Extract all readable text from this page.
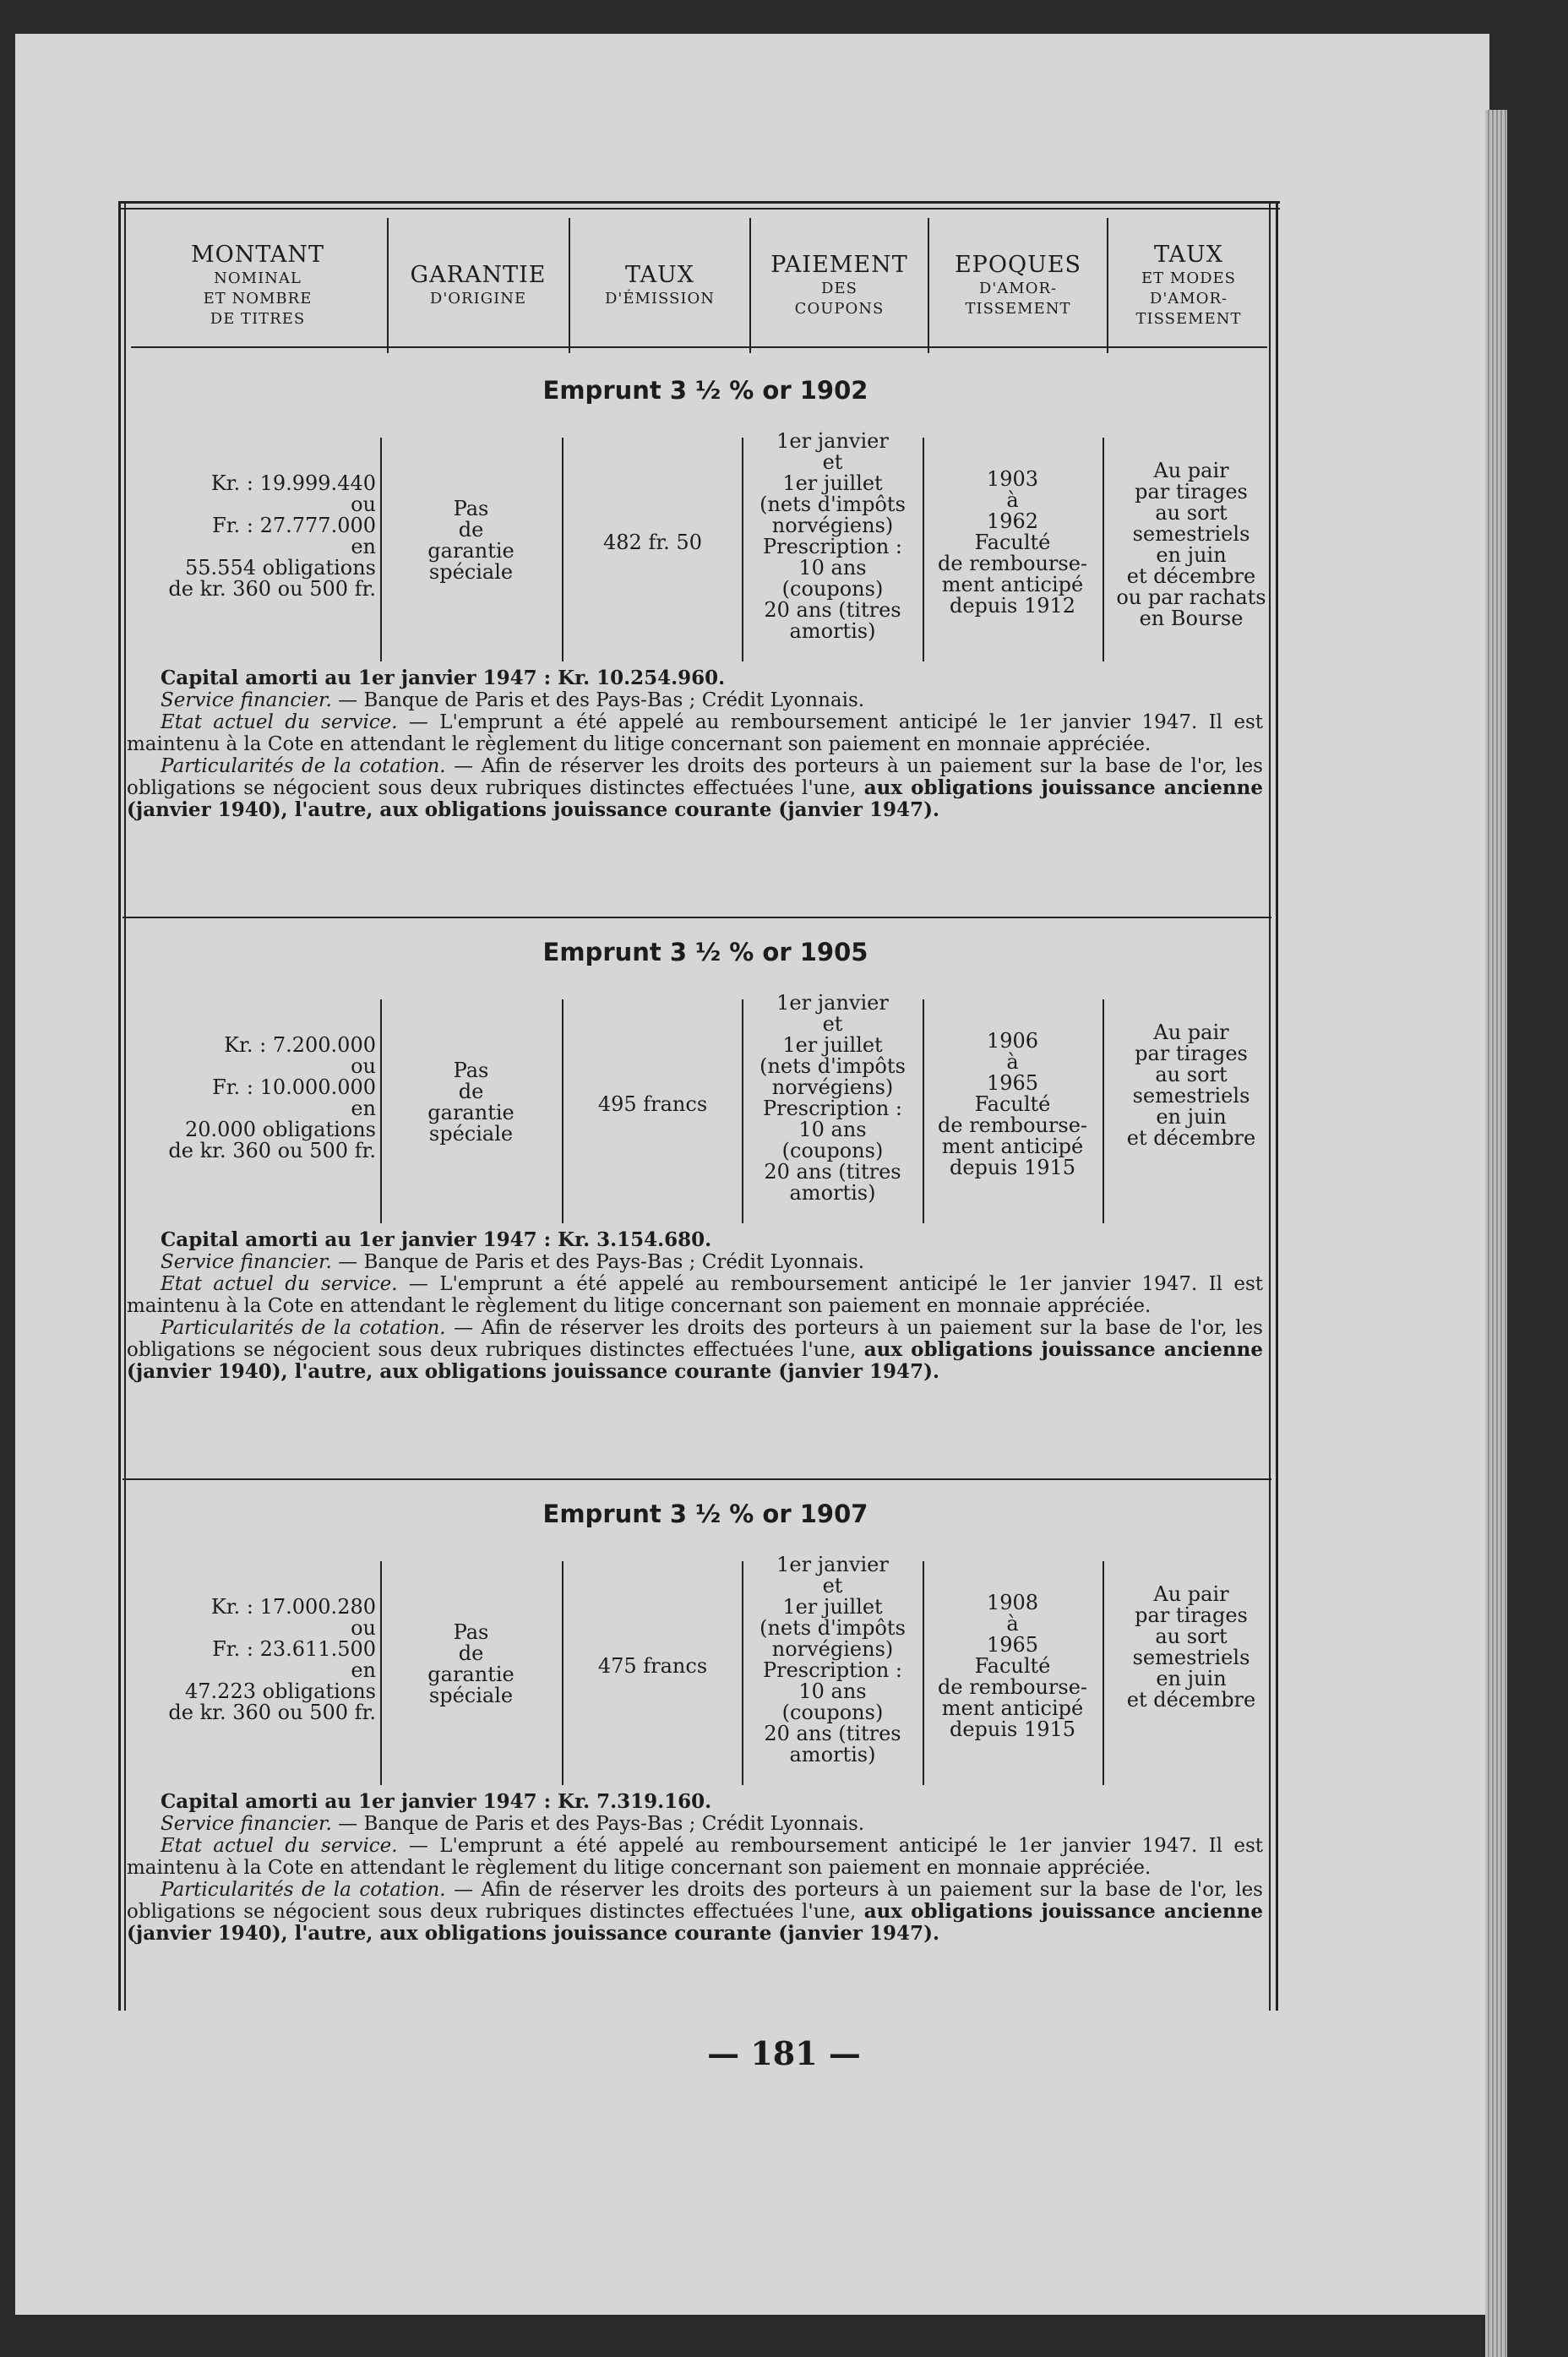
MONTANT
NOMINAL
ET NOMBRE
DE TITRES
GARANTIE
D'ORIGINE
TAUX
D'ÉMISSION
PAIEMENT
DES
COUPONS
EPOQUES
D'AMOR-
TISSEMENT
TAUX
ET MODES
D'AMOR-
TISSEMENT
Emprunt 3 ½ % or 1902
Kr. : 19.999.440
ou
Fr. : 27.777.000
en
55.554 obligations
de kr. 360 ou 500 fr.
Pas
de
garantie
spéciale
482 fr. 50
1er janvier
et
1er juillet
(nets d'impôts
norvégiens)
Prescription :
10 ans
(coupons)
20 ans (titres
amortis)
1903
à
1962
Faculté
de rembourse-
ment anticipé
depuis 1912
Au pair
par tirages
au sort
semestriels
en juin
et décembre
ou par rachats
en Bourse
Capital amorti au 1er janvier 1947 : Kr. 10.254.960.
Service financier. — Banque de Paris et des Pays-Bas ; Crédit Lyonnais.
Etat actuel du service. — L'emprunt a été appelé au remboursement anticipé le 1er janvier 1947. Il est maintenu à la Cote en attendant le règlement du litige concernant son paiement en monnaie appréciée.
Particularités de la cotation. — Afin de réserver les droits des porteurs à un paiement sur la base de l'or, les obligations se négocient sous deux rubriques distinctes effectuées l'une, aux obligations jouissance ancienne (janvier 1940), l'autre, aux obligations jouissance courante (janvier 1947).
Emprunt 3 ½ % or 1905
Kr. : 7.200.000
ou
Fr. : 10.000.000
en
20.000 obligations
de kr. 360 ou 500 fr.
Pas
de
garantie
spéciale
495 francs
1er janvier
et
1er juillet
(nets d'impôts
norvégiens)
Prescription :
10 ans
(coupons)
20 ans (titres
amortis)
1906
à
1965
Faculté
de rembourse-
ment anticipé
depuis 1915
Au pair
par tirages
au sort
semestriels
en juin
et décembre
Capital amorti au 1er janvier 1947 : Kr. 3.154.680.
Service financier. — Banque de Paris et des Pays-Bas ; Crédit Lyonnais.
Etat actuel du service. — L'emprunt a été appelé au remboursement anticipé le 1er janvier 1947. Il est maintenu à la Cote en attendant le règlement du litige concernant son paiement en monnaie appréciée.
Particularités de la cotation. — Afin de réserver les droits des porteurs à un paiement sur la base de l'or, les obligations se négocient sous deux rubriques distinctes effectuées l'une, aux obligations jouissance ancienne (janvier 1940), l'autre, aux obligations jouissance courante (janvier 1947).
Emprunt 3 ½ % or 1907
Kr. : 17.000.280
ou
Fr. : 23.611.500
en
47.223 obligations
de kr. 360 ou 500 fr.
Pas
de
garantie
spéciale
475 francs
1er janvier
et
1er juillet
(nets d'impôts
norvégiens)
Prescription :
10 ans
(coupons)
20 ans (titres
amortis)
1908
à
1965
Faculté
de rembourse-
ment anticipé
depuis 1915
Au pair
par tirages
au sort
semestriels
en juin
et décembre
Capital amorti au 1er janvier 1947 : Kr. 7.319.160.
Service financier. — Banque de Paris et des Pays-Bas ; Crédit Lyonnais.
Etat actuel du service. — L'emprunt a été appelé au remboursement anticipé le 1er janvier 1947. Il est maintenu à la Cote en attendant le règlement du litige concernant son paiement en monnaie appréciée.
Particularités de la cotation. — Afin de réserver les droits des porteurs à un paiement sur la base de l'or, les obligations se négocient sous deux rubriques distinctes effectuées l'une, aux obligations jouissance ancienne (janvier 1940), l'autre, aux obligations jouissance courante (janvier 1947).
— 181 —
